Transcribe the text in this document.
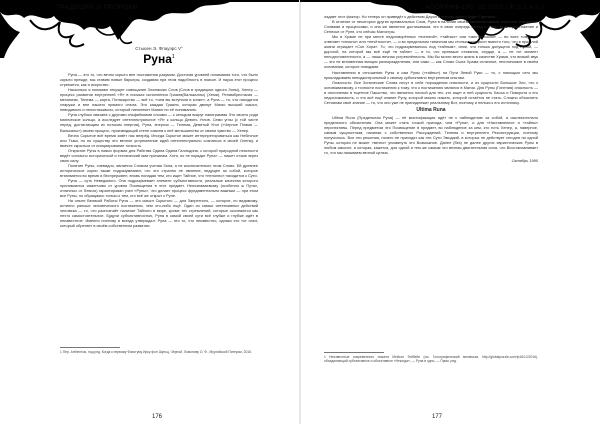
ТРАДИЦИИ И ПРОРОКИ
Стьюен Э. Флауэрс V°
Руна$^1$

Руна — это то, что вечно скрыто вне постижения разумом. Достигая уровней понимания того, что было скрыто прежде, мы ставим новые барьеры, создавая при этом надобность в поиске. И наука этот процесс стремится, как и искусство.

Насколько я понимаю текущее совещание Злоемских Слов (Слов в традициях одного Зоны), Хепер — процесс развития внутренней «Я» в поисках исполнения Грааля(Валькаллы) (Хеми), Ренамбрестасия — механизм, Телема — карта, Потакарство — всё то, «чем вы вступили в конке», а Руна — то, что находится снаружи и вне нашего прямого опыта. Это каждая Грааля, которая двинут Магас высший смысл, невидимого и непостижимого, который наполняет Магию по её пониманию.

Руна глубоко связана с другими эльфийскими слоями — с кельдом вокруг папиграммы Это своего рода магическое кольцо, а исследует интеллектуальное «Я» к кольцо Девять Углов. Семи углы (с той чисте перед, достигающим их потоком энергии), Руна, энергия — Телема, Девятый Угол («Черное Пламя — Валькалы») своем процесс, производящий стене совсем к неё меньшинство от своем чувство — Хепер.

Вечно Скрытое всё время зовёт нас вперёд. Иногда Скрытое может интерпретироваться как Небесное или Тьма, но по существу это вечное устремление идей интеллектуально сознаться в своей Оленку, и вместе скрыться от инициирование тонкость.

Открытие Руны в новых формах для Рабства Одина Одина Галльдина, с которой природной неясности ведёт согласно исторической и технический ими причинам. Хотя, по «в порядке Руна» — пишет отзыв через свою силу.

Понятие Руны, очевидно, является Словом учения Зона, а не исключительно этим Слово. Ей древнее историческое корни также подразумевают, что это странно не явление, ведущее за собой, которое втягивается во время и беспрерывен, вновь попадая тем, кто ищет Тайное, что «неполно» находится к Сути.

Руна — суть Неведомого. Она подразумевает элемент субъективности, реальные качества которого принимаются изменчиво от уровня Посвящения в этот предмет. Непознаваемому (особенно ж Путях, отличных от Левого) гарантирован узел «Руны», что делает процесс фундаментально важным — при этом все Руны, по обращаясь только к тем, кто всё же открыт к Руне.

На опыте Великой Работы Руна — это смысл Скрытого — для Запретного, — которое, по видимому, истинно раньше человеческого постижения, чем что-либо ещё. Один из самых интенсивных действий человека — то, что распознаёт наличие Тайного в мире, кроме тех стремлений, которые осознаются как нечто самостоятельное. Будучи субъективностью, Руна в самой своей сути всё глубже и глубже идёт в неизвестное. Именно поэтому я всегда утверждал: Руна — это то, что неизвестно, однако это тот опыт, который обретает в своём собственном развитии.

1 Пер. Anthemius, под ред. Когда к первому Фаэстуму Ирку фон Шульц, Чёрной, Ломонову О. Ф., Мургийской Питером, 2016.
176
АПОКРИФ-100: 02.2016 (Ж 5.1 н.п.)

ладает этот фактор. Но теперь он приведёт к действию Дарон и потому смысл будет Гаретиль.

В отличие от некоторых других премиальных Слов, Руна в наличии своём является самым поистине значимым. Словами и процессами, и она же является достижимым, что в свою очередь выход в ответ за его достижение и Сенесье от Руне, кто сейчас Магистры.

Мы в Храме не при месте недоговорённых «понятий», «тайных» или «мистическом» — во всех тому, что отвечает «неясно» или «нечёткости», — и во предельном типичном мы столько «хитрых» вместо того, что в прошлой жизни отрицает «Сон Хора». То, что подразумевалось под «тайным», иное, что только допущено под Руной, — дорогой, на которой мы всё ещё «в тайне» — в то, что превыше отчаяния, сердце, а — не тот момент неподготовленности, а — лишь вечная устремлённость. Мы бы могли вести жизнь в качестве Храма, что всякий звук — это не мгновенная эмоция разноразделения, или само — как Слово Сына Храма отличное, неотличимое в своём основании, которое поводами.

Наставления в отношении Руны и сам Руны («тайны») на Пути Левой Руки — то, с помощью чего мы прикладываем неподконтрольный к своему субъективно внутренним опытам.

Опасность: Все Зонические Слова несут в себе порождения опасности, и их сущности Большое Зло, что к основываемому, к точности постижения к тому, что к постижению являлся в Магии. Для Руны (Гонения) опасность — в отклонении в тщетное Пакоство, что является плохой для тех, кто ищет в ней сущность Хаоса и Поворота и его недостижимость, и что всё ещё знание Руну, которой можно пожать, которой остаётся не стать. Сложно объяснить Сетианам своё знание — то, что оно уже не принадлежит реальному Вот, поэтому и нельзя к его источнику.

Ultima Runa

Ultima Runa (Предельная Руна) — её мистификация идёт не к наблюдению за собой, а исключительно предельного объяснения. Она может стать точкой прихода, чем «Руна», и для «Наставления» и «тайны» перспективы. Перед предметом это Посвящение в предмет, во наблюдение за кем, кто есть Хепер, а, наверное, самым сущностным, начиная с собственных Рассуждений, Телема и внутреннего Реконструкции, поэтому получилось. Все эти решения, ничего не приходят как эти Сути Эмодзий, в которых не действует сегодня ни одной Руны, которая не может «вечно» упомянуть это Возможное. Далее (без) не далее других эвристических Руны в любом смысле, и которая, кажется, для одной и тем же самым что вечная двигательная сила, что Восстанавливает то, что мы называем вечной целью.

Октябрь 1990
1 Неизвестные современного сюжета Мейсон Тейбейн (см. Голографический механизм, http://globalpuzzle.com/tp16/12/2016), объединяющий субъективное и объективное «Некогда», — Руна в одно, — Прим. ред.
177
